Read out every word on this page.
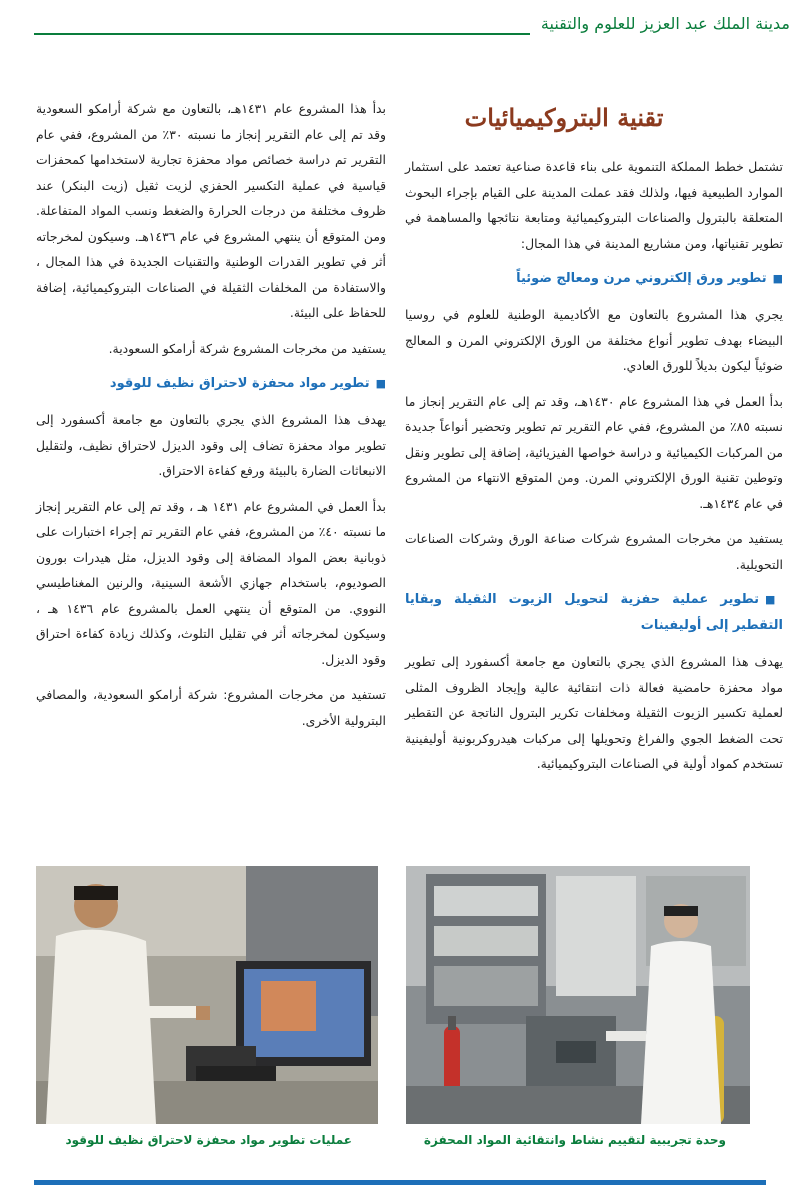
مدينة الملك عبد العزيز للعلوم والتقنية
تقنية البتروكيميائيات

تشتمل خطط المملكة التنموية على بناء قاعدة صناعية تعتمد على استثمار الموارد الطبيعية فيها، ولذلك فقد عملت المدينة على القيام بإجراء البحوث المتعلقة بالبترول والصناعات البتروكيميائية ومتابعة نتائجها والمساهمة في تطوير تقنياتها، ومن مشاريع المدينة في هذا المجال:

■تطوير ورق إلكتروني مرن ومعالج ضوئياً

يجري هذا المشروع بالتعاون مع الأكاديمية الوطنية للعلوم في روسيا البيضاء بهدف تطوير أنواع مختلفة من الورق الإلكتروني المرن و المعالج ضوئياً ليكون بديلاً للورق العادي.

بدأ العمل في هذا المشروع عام ١٤٣٠هـ، وقد تم إلى عام التقرير إنجاز ما نسبته ٨٥٪ من المشروع، ففي عام التقرير تم تطوير وتحضير أنواعاً جديدة من المركبات الكيميائية و دراسة خواصها الفيزيائية، إضافة إلى تطوير ونقل وتوطين تقنية الورق الإلكتروني المرن. ومن المتوقع الانتهاء من المشروع في عام ١٤٣٤هـ.

يستفيد من مخرجات المشروع شركات صناعة الورق وشركات الصناعات التحويلية.

■تطوير عملية حفزية لتحويل الزيوت الثقيلة وبقايا التقطير إلى أوليفينات

يهدف هذا المشروع الذي يجري بالتعاون مع جامعة أكسفورد إلى تطوير مواد محفزة حامضية فعالة ذات انتقائية عالية وإيجاد الظروف المثلى لعملية تكسير الزيوت الثقيلة ومخلفات تكرير البترول الناتجة عن التقطير تحت الضغط الجوي والفراغ وتحويلها إلى مركبات هيدروكربونية أوليفينية تستخدم كمواد أولية في الصناعات البتروكيميائية.

بدأ هذا المشروع عام ١٤٣١هـ، بالتعاون مع شركة أرامكو السعودية وقد تم إلى عام التقرير إنجاز ما نسبته ٣٠٪ من المشروع، ففي عام التقرير تم دراسة خصائص مواد محفزة تجارية لاستخدامها كمحفزات قياسية في عملية التكسير الحفزي لزيت ثقيل (زيت البنكر) عند ظروف مختلفة من درجات الحرارة والضغط ونسب المواد المتفاعلة. ومن المتوقع أن ينتهي المشروع في عام ١٤٣٦هـ. وسيكون لمخرجاته أثر في تطوير القدرات الوطنية والتقنيات الجديدة في هذا المجال ، والاستفادة من المخلفات الثقيلة في الصناعات البتروكيميائية، إضافة للحفاظ على البيئة.

يستفيد من مخرجات المشروع شركة أرامكو السعودية.

■تطوير مواد محفزة لاحتراق نظيف للوقود

يهدف هذا المشروع الذي يجري بالتعاون مع جامعة أكسفورد إلى تطوير مواد محفزة تضاف إلى وقود الديزل لاحتراق نظيف، ولتقليل الانبعاثات الضارة بالبيئة ورفع كفاءة الاحتراق.

بدأ العمل في المشروع عام ١٤٣١ هـ ، وقد تم إلى عام التقرير إنجاز ما نسبته ٤٠٪ من المشروع، ففي عام التقرير تم إجراء اختبارات على ذوبانية بعض المواد المضافة إلى وقود الديزل، مثل هيدرات بورون الصوديوم، باستخدام جهازي الأشعة السينية، والرنين المغناطيسي النووي. من المتوقع أن ينتهي العمل بالمشروع عام ١٤٣٦ هـ ، وسيكون لمخرجاته أثر في تقليل التلوث، وكذلك زيادة كفاءة احتراق وقود الديزل.

تستفيد من مخرجات المشروع: شركة أرامكو السعودية، والمصافي البترولية الأخرى.

وحدة تجريبية لتقييم نشاط وانتقائية المواد المحفزة
عمليات تطوير مواد محفزة لاحتراق نظيف للوقود
